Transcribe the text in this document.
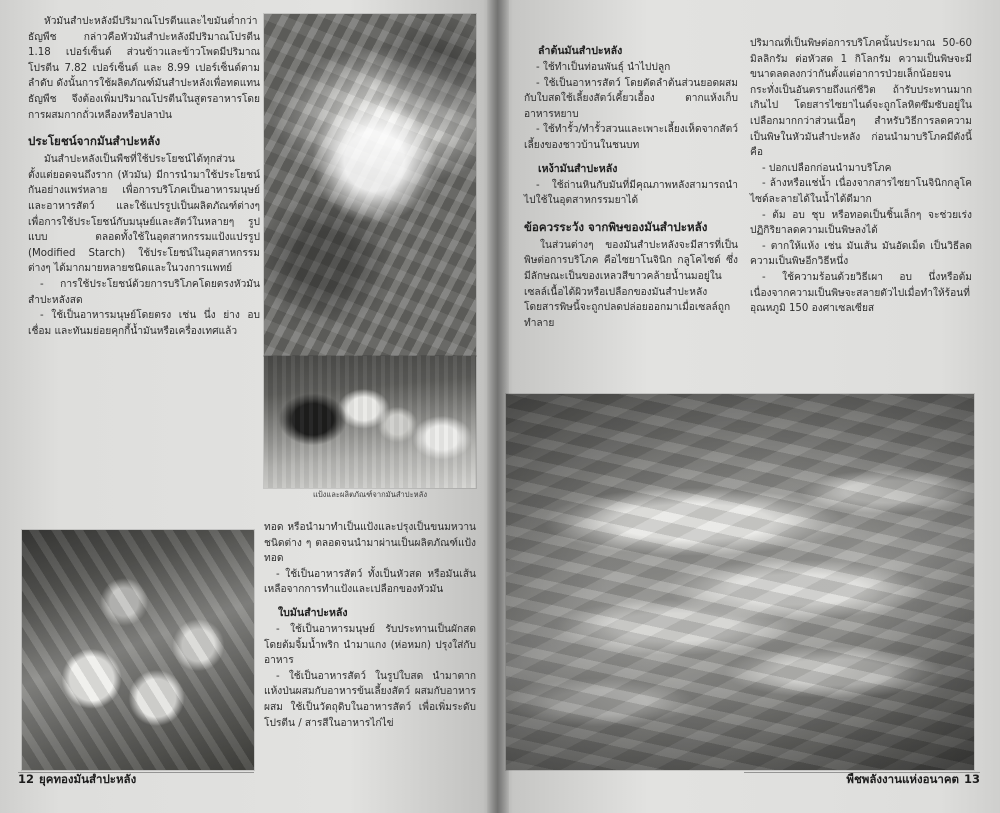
หัวมันสำปะหลังมีปริมาณโปรตีนและไขมันต่ำกว่าธัญพืช กล่าวคือหัวมันสำปะหลังมีปริมาณโปรตีน 1.18 เปอร์เซ็นต์ ส่วนข้าวและข้าวโพดมีปริมาณโปรตีน 7.82 เปอร์เซ็นต์ และ 8.99 เปอร์เซ็นต์ตามลำดับ ดังนั้นการใช้ผลิตภัณฑ์มันสำปะหลังเพื่อทดแทนธัญพืช จึงต้องเพิ่มปริมาณโปรตีนในสูตรอาหารโดยการผสมกากถั่วเหลืองหรือปลาป่น

ประโยชน์จากมันสำปะหลัง

มันสำปะหลังเป็นพืชที่ใช้ประโยชน์ได้ทุกส่วน ตั้งแต่ยอดจนถึงราก (หัวมัน) มีการนำมาใช้ประโยชน์กันอย่างแพร่หลาย เพื่อการบริโภคเป็นอาหารมนุษย์ และอาหารสัตว์ และใช้แปรรูปเป็นผลิตภัณฑ์ต่างๆ เพื่อการใช้ประโยชน์กับมนุษย์และสัตว์ในหลายๆ รูปแบบ ตลอดทั้งใช้ในอุตสาหกรรมแป้งแปรรูป (Modified Starch) ใช้ประโยชน์ในอุตสาหกรรมต่างๆ ได้มากมายหลายชนิดและในวงการแพทย์

- การใช้ประโยชน์ด้วยการบริโภคโดยตรงหัวมันสำปะหลังสด

- ใช้เป็นอาหารมนุษย์โดยตรง เช่น นึ่ง ย่าง อบ เชื่อม และทันมย่อยคุกกี้น้ำมันหรือเครื่องเทศแล้ว

แป้งและผลิตภัณฑ์จากมันสำปะหลัง

ทอด หรือนำมาทำเป็นแป้งและปรุงเป็นขนมหวานชนิดต่าง ๆ ตลอดจนนำมาผ่านเป็นผลิตภัณฑ์แป้งทอด

- ใช้เป็นอาหารสัตว์ ทั้งเป็นหัวสด หรือมันเส้นเหลือจากการทำแป้งและเปลือกของหัวมัน

ใบมันสำปะหลัง

- ใช้เป็นอาหารมนุษย์ รับประทานเป็นผักสด โดยต้มจิ้มน้ำพริก นำมาแกง (ห่อหมก) ปรุงใส่กับอาหาร

- ใช้เป็นอาหารสัตว์ ในรูปใบสด นำมาตากแห้งป่นผสมกับอาหารข้นเลี้ยงสัตว์ ผสมกับอาหารผสม ใช้เป็นวัตถุดิบในอาหารสัตว์ เพื่อเพิ่มระดับโปรตีน / สารสีในอาหารไก่ไข่

ลำต้นมันสำปะหลัง

- ใช้ทำเป็นท่อนพันธุ์ นำไปปลูก

- ใช้เป็นอาหารสัตว์ โดยตัดลำต้นส่วนยอดผสมกับใบสดใช้เลี้ยงสัตว์เคี้ยวเอื้อง ตากแห้งเก็บอาหารหยาบ

- ใช้ทำรั้ว/ทำรั้วสวนและเพาะเลี้ยงเห็ดจากสัตว์เลี้ยงของชาวบ้านในชนบท

เหง้ามันสำปะหลัง

- ใช้ถ่านหินกับมันที่มีคุณภาพหลังสามารถนำไปใช้ในอุตสาหกรรมยาได้

ข้อควรระวัง จากพิษของมันสำปะหลัง

ในส่วนต่างๆ ของมันสำปะหลังจะมีสารที่เป็นพิษต่อการบริโภค คือไซยาโนจินิก กลูโคไซด์ ซึ่งมีลักษณะเป็นของเหลวสีขาวคล้ายน้ำนมอยู่ในเซลล์เนื้อได้ผิวหรือเปลือกของมันสำปะหลัง โดยสารพิษนี้จะถูกปลดปล่อยออกมาเมื่อเซลล์ถูกทำลาย

ปริมาณที่เป็นพิษต่อการบริโภคนั้นประมาณ 50-60 มิลลิกรัม ต่อหัวสด 1 กิโลกรัม ความเป็นพิษจะมีขนาดลดลงกว่ากันตั้งแต่อาการป่วยเล็กน้อยจนกระทั่งเป็นอันตรายถึงแก่ชีวิต ถ้ารับประทานมากเกินไป โดยสารไซยาไนด์จะถูกโลหิตซึมซับอยู่ในเปลือกมากกว่าส่วนเนื้อๆ สำหรับวิธีการลดความเป็นพิษในหัวมันสำปะหลัง ก่อนนำมาบริโภคมีดังนี้ คือ

- ปอกเปลือกก่อนนำมาบริโภค

- ล้างหรือแช่น้ำ เนื่องจากสารไซยาโนจินิกกลูโคไซด์ละลายได้ในน้ำได้ดีมาก

- ต้ม อบ ชุบ หรือทอดเป็นชิ้นเล็กๆ จะช่วยเร่งปฏิกิริยาลดความเป็นพิษลงได้

- ตากให้แห้ง เช่น มันเส้น มันอัดเม็ด เป็นวิธีลดความเป็นพิษอีกวิธีหนึ่ง

- ใช้ความร้อนด้วยวิธีเผา อบ นึ่งหรือต้ม เนื่องจากความเป็นพิษจะสลายตัวไปเมื่อทำให้ร้อนที่อุณหภูมิ 150 องศาเซลเซียส

12 ยุคทองมันสำปะหลัง	พืชพลังงานแห่งอนาคต 13
